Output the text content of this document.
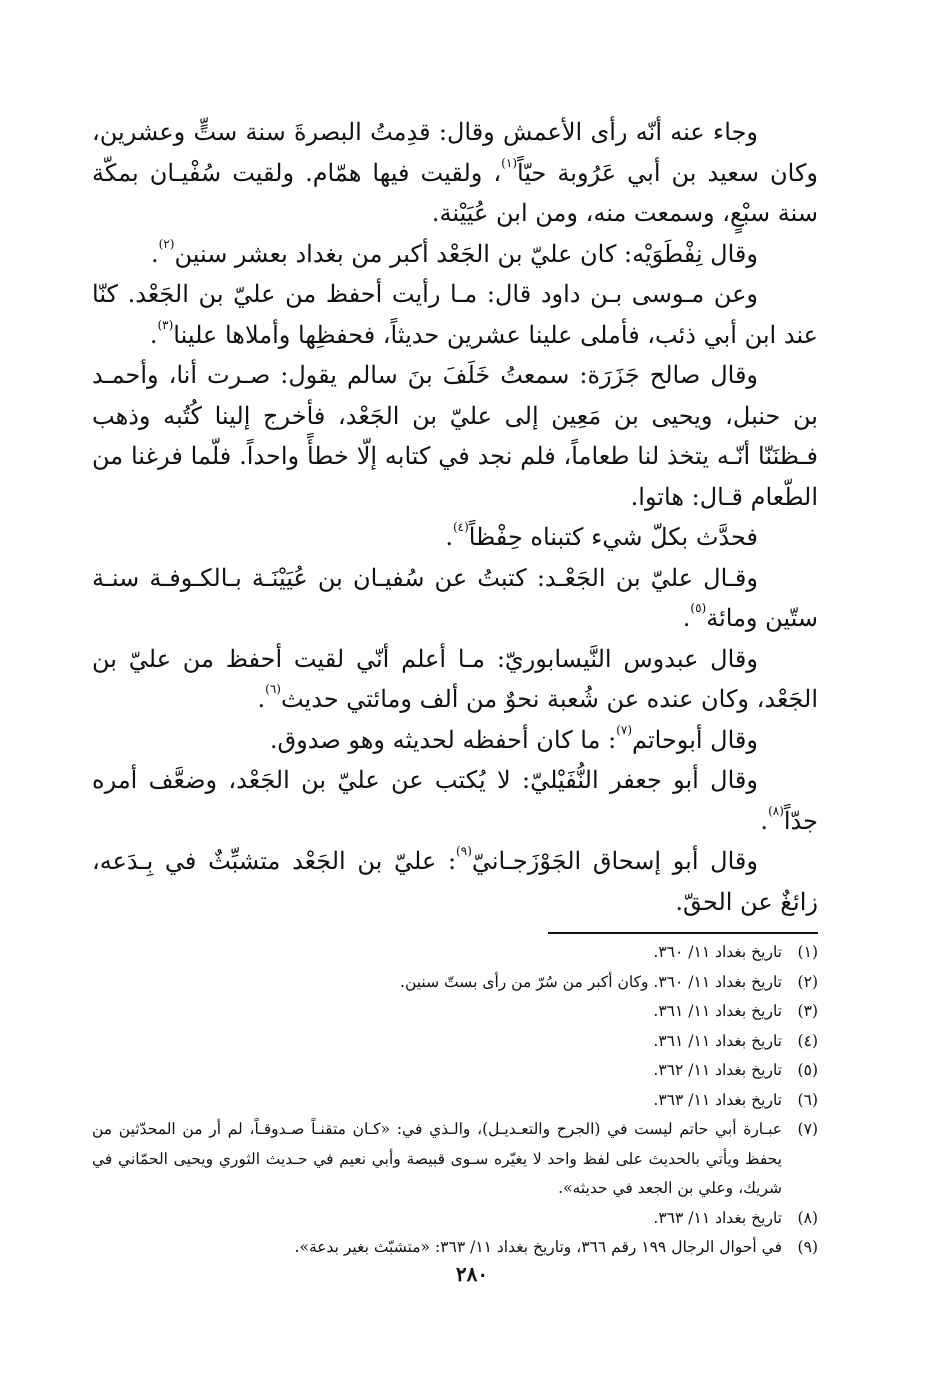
وجاء عنه أنّه رأى الأعمش وقال: قدِمتُ البصرةَ سنة ستٍّ وعشرين، وكان سعيد بن أبي عَرُوبة حيّاً$^{(١)}$، ولقيت فيها همّام. ولقيت سُفْيـان بمكّة سنة سبْعٍ، وسمعت منه، ومن ابن عُيَيْنة.

وقال نِفْطَوَيْه: كان عليّ بن الجَعْد أكبر من بغداد بعشر سنين$^{(٢)}$.

وعن مـوسى بـن داود قال: مـا رأيت أحفظ من عليّ بن الجَعْد. كنّا عند ابن أبي ذئب، فأملى علينا عشرين حديثاً، فحفظِها وأملاها علينا$^{(٣)}$.

وقال صالح جَزَرَة: سمعتُ خَلَفَ بنَ سالم يقول: صـرت أنا، وأحمـد بن حنبل، ويحيى بن مَعِين إلى عليّ بن الجَعْد، فأخرج إلينا كُتُبه وذهب فـظنَنّا أنّـه يتخذ لنا طعاماً، فلم نجد في كتابه إلّا خطأً واحداً. فلّما فرغنا من الطّعام قـال: هاتوا.

فحدَّث بكلّ شيء كتبناه حِفْظاً$^{(٤)}$.

وقـال عليّ بن الجَعْـد: كتبتُ عن سُفيـان بن عُيَيْنَـة بـالكـوفـة سنـة ستّين ومائة$^{(٥)}$.

وقال عبدوس النَّيسابوريّ: مـا أعلم أنّي لقيت أحفظ من عليّ بن الجَعْد، وكان عنده عن شُعبة نحوٌ من ألف ومائتي حديث$^{(٦)}$.

وقال أبوحاتم$^{(٧)}$: ما كان أحفظه لحديثه وهو صدوق.

وقال أبو جعفر النُّفَيْليّ: لا يُكتب عن عليّ بن الجَعْد، وضعَّف أمره جدّاً$^{(٨)}$.

وقال أبو إسحاق الجَوْزَجـانيّ$^{(٩)}$: عليّ بن الجَعْد متشبِّثٌ في بِـدَعه، زائغٌ عن الحقّ.

(١)
تاريخ بغداد ١١/ ٣٦٠.
(٢)
تاريخ بغداد ١١/ ٣٦٠. وكان أكبر من سُرّ من رأى بستّ سنين.
(٣)
تاريخ بغداد ١١/ ٣٦١.
(٤)
تاريخ بغداد ١١/ ٣٦١.
(٥)
تاريخ بغداد ١١/ ٣٦٢.
(٦)
تاريخ بغداد ١١/ ٣٦٣.
(٧)
عبـارة أبي حاتم ليست في (الجرح والتعـديـل)، والـذي في: «كـان متقنـاً صـدوقـاً، لم أر من المحدّثين من يحفظ ويأتي بالحديث على لفظ واحد لا يغيّره سـوى قبيصة وأبي نعيم في حـديث الثوري ويحيى الحمّاني في شريك، وعلي بن الجعد في حديثه».
(٨)
تاريخ بغداد ١١/ ٣٦٣.
(٩)
في أحوال الرجال ١٩٩ رقم ٣٦٦، وتاريخ بغداد ١١/ ٣٦٣: «متشبّث بغير بدعة».
٢٨٠
